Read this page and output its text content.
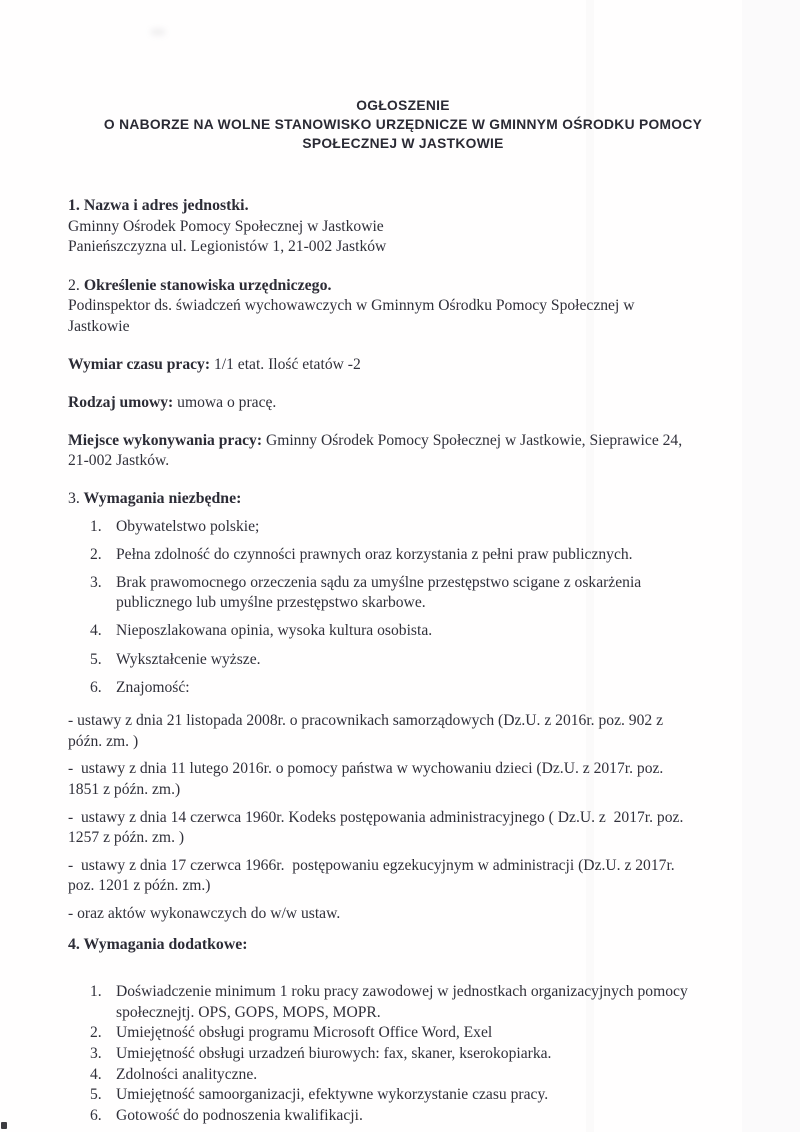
OGŁOSZENIE
O NABORZE NA WOLNE STANOWISKO URZĘDNICZE W GMINNYM OŚRODKU POMOCY
SPOŁECZNEJ W JASTKOWIE

1. Nazwa i adres jednostki.

Gminny Ośrodek Pomocy Społecznej w Jastkowie
Panieńszczyzna ul. Legionistów 1, 21-002 Jastków

2. Określenie stanowiska urzędniczego.

Podinspektor ds. świadczeń wychowawczych w Gminnym Ośrodku Pomocy Społecznej w
Jastkowie

Wymiar czasu pracy: 1/1 etat. Ilość etatów -2

Rodzaj umowy: umowa o pracę.

Miejsce wykonywania pracy: Gminny Ośrodek Pomocy Społecznej w Jastkowie, Sieprawice 24,
21-002 Jastków.

3. Wymagania niezbędne:

Obywatelstwo polskie;
Pełna zdolność do czynności prawnych oraz korzystania z pełni praw publicznych.
Brak prawomocnego orzeczenia sądu za umyślne przestępstwo scigane z oskarżenia
publicznego lub umyślne przestępstwo skarbowe.
Nieposzlakowana opinia, wysoka kultura osobista.
Wykształcenie wyższe.
Znajomość:

- ustawy z dnia 21 listopada 2008r. o pracownikach samorządowych (Dz.U. z 2016r. poz. 902 z
późn. zm. )

-  ustawy z dnia 11 lutego 2016r. o pomocy państwa w wychowaniu dzieci (Dz.U. z 2017r. poz.
1851 z późn. zm.)

-  ustawy z dnia 14 czerwca 1960r. Kodeks postępowania administracyjnego ( Dz.U. z  2017r. poz.
1257 z późn. zm. )

-  ustawy z dnia 17 czerwca 1966r.  postępowaniu egzekucyjnym w administracji (Dz.U. z 2017r.
poz. 1201 z późn. zm.)

- oraz aktów wykonawczych do w/w ustaw.

4. Wymagania dodatkowe:

Doświadczenie minimum 1 roku pracy zawodowej w jednostkach organizacyjnych pomocy
społecznejtj. OPS, GOPS, MOPS, MOPR.
Umiejętność obsługi programu Microsoft Office Word, Exel
Umiejętność obsługi urzadzeń biurowych: fax, skaner, kserokopiarka.
Zdolności analityczne.
Umiejętność samoorganizacji, efektywne wykorzystanie czasu pracy.
Gotowość do podnoszenia kwalifikacji.
